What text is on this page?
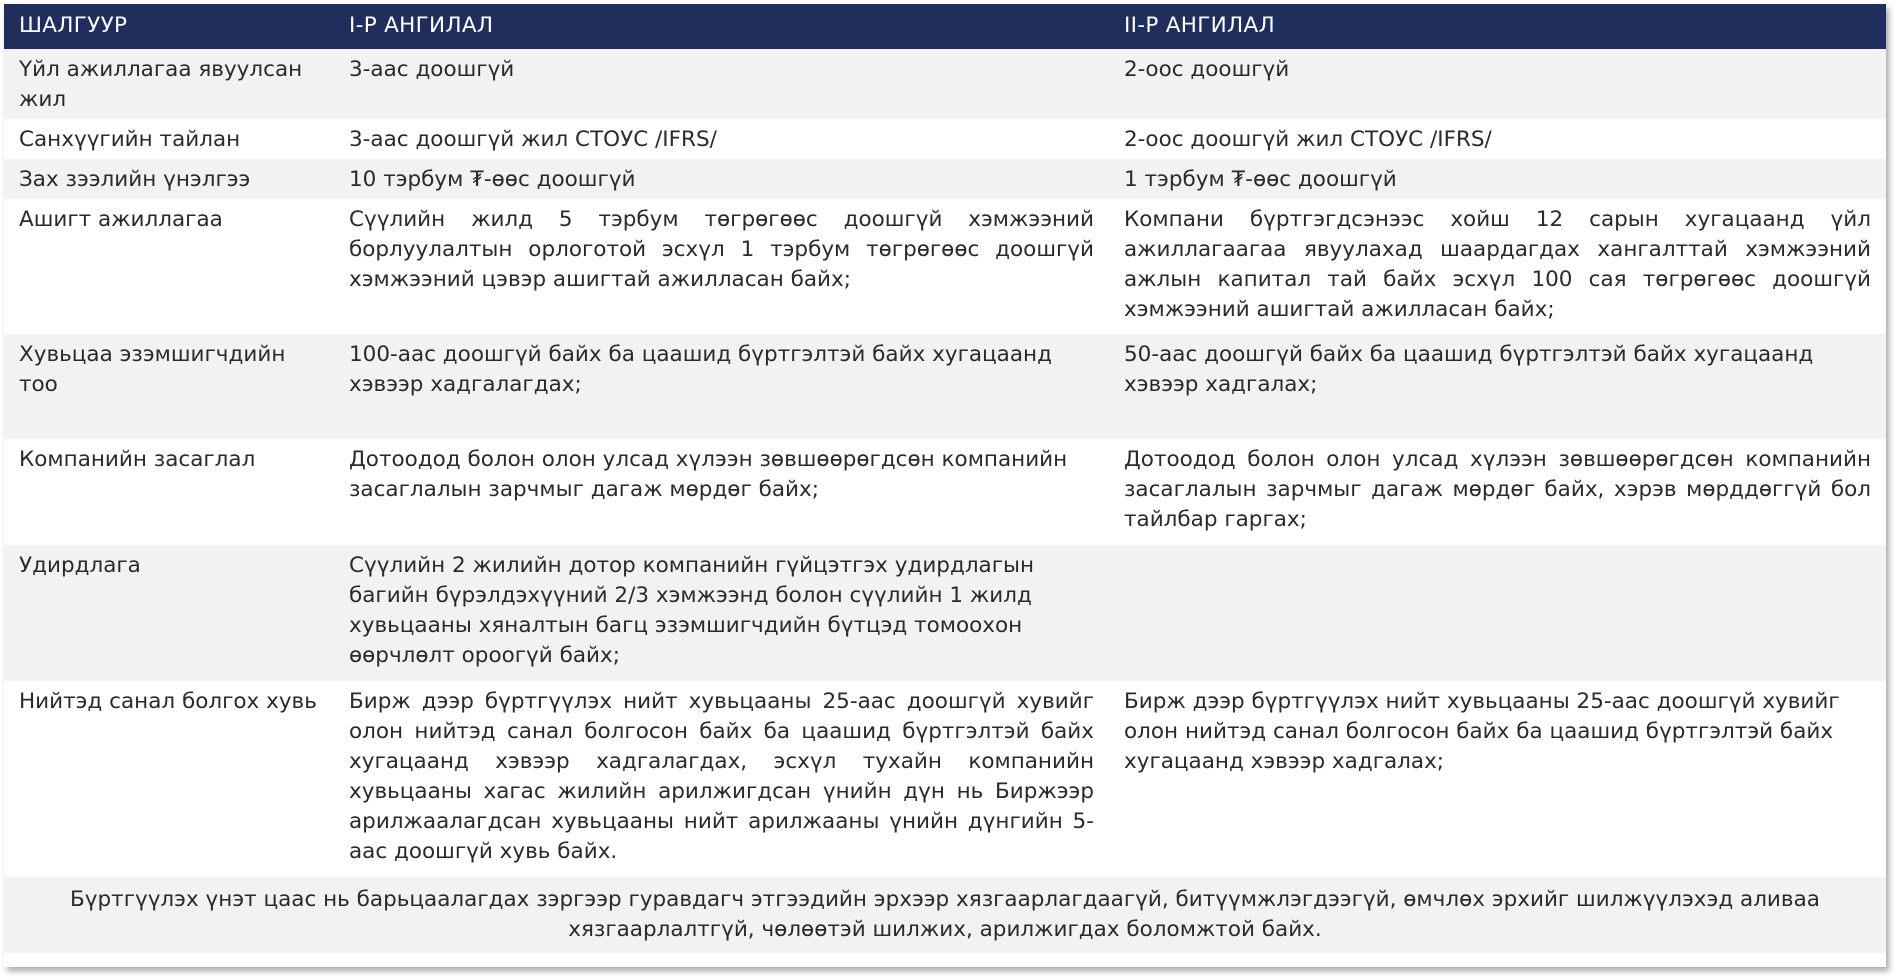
ШАЛГУУР	I-Р АНГИЛАЛ	II-Р АНГИЛАЛ
Үйл ажиллагаа явуулсан жил	3-аас доошгүй	2-оос доошгүй
Санхүүгийн тайлан	3-аас доошгүй жил СТОУС /IFRS/	2-оос доошгүй жил СТОУС /IFRS/
Зах зээлийн үнэлгээ	10 тэрбум ₮-өөс доошгүй	1 тэрбум ₮-өөс доошгүй
Ашигт ажиллагаа	Сүүлийн жилд 5 тэрбум төгрөгөөс доошгүй хэмжээний борлуулалтын орлоготой эсхүл 1 тэрбум төгрөгөөс доошгүй хэмжээний цэвэр ашигтай ажилласан байх;	Компани бүртгэгдсэнээс хойш 12 сарын хугацаанд үйл ажиллагаагаа явуулахад шаардагдах хангалттай хэмжээний ажлын капитал тай байх эсхүл 100 сая төгрөгөөс доошгүй хэмжээний ашигтай ажилласан байх;
Хувьцаа эзэмшигчдийн тоо	100-аас доошгүй байх ба цаашид бүртгэлтэй байх хугацаанд хэвээр хадгалагдах;	50-аас доошгүй байх ба цаашид бүртгэлтэй байх хугацаанд хэвээр хадгалах;
Компанийн засаглал	Дотоодод болон олон улсад хүлээн зөвшөөрөгдсөн компанийн засаглалын зарчмыг дагаж мөрдөг байх;	Дотоодод болон олон улсад хүлээн зөвшөөрөгдсөн компанийн засаглалын зарчмыг дагаж мөрдөг байх, хэрэв мөрддөггүй бол тайлбар гаргах;
Удирдлага	Сүүлийн 2 жилийн дотор компанийн гүйцэтгэх удирдлагын багийн бүрэлдэхүүний 2/3 хэмжээнд болон сүүлийн 1 жилд хувьцааны хяналтын багц эзэмшигчдийн бүтцэд томоохон өөрчлөлт ороогүй байх;	
Нийтэд санал болгох хувь	Бирж дээр бүртгүүлэх нийт хувьцааны 25-аас доошгүй хувийг олон нийтэд санал болгосон байх ба цаашид бүртгэлтэй байх хугацаанд хэвээр хадгалагдах, эсхүл тухайн компанийн хувьцааны хагас жилийн арилжигдсан үнийн дүн нь Биржээр арилжаалагдсан хувьцааны нийт арилжааны үнийн дүнгийн 5-аас доошгүй хувь байх.	Бирж дээр бүртгүүлэх нийт хувьцааны 25-аас доошгүй хувийг олон нийтэд санал болгосон байх ба цаашид бүртгэлтэй байх хугацаанд хэвээр хадгалах;
Бүртгүүлэх үнэт цаас нь барьцаалагдах зэргээр гуравдагч этгээдийн эрхээр хязгаарлагдаагүй, битүүмжлэгдээгүй, өмчлөх эрхийг шилжүүлэхэд аливаа хязгаарлалтгүй, чөлөөтэй шилжих, арилжигдах боломжтой байх.		
